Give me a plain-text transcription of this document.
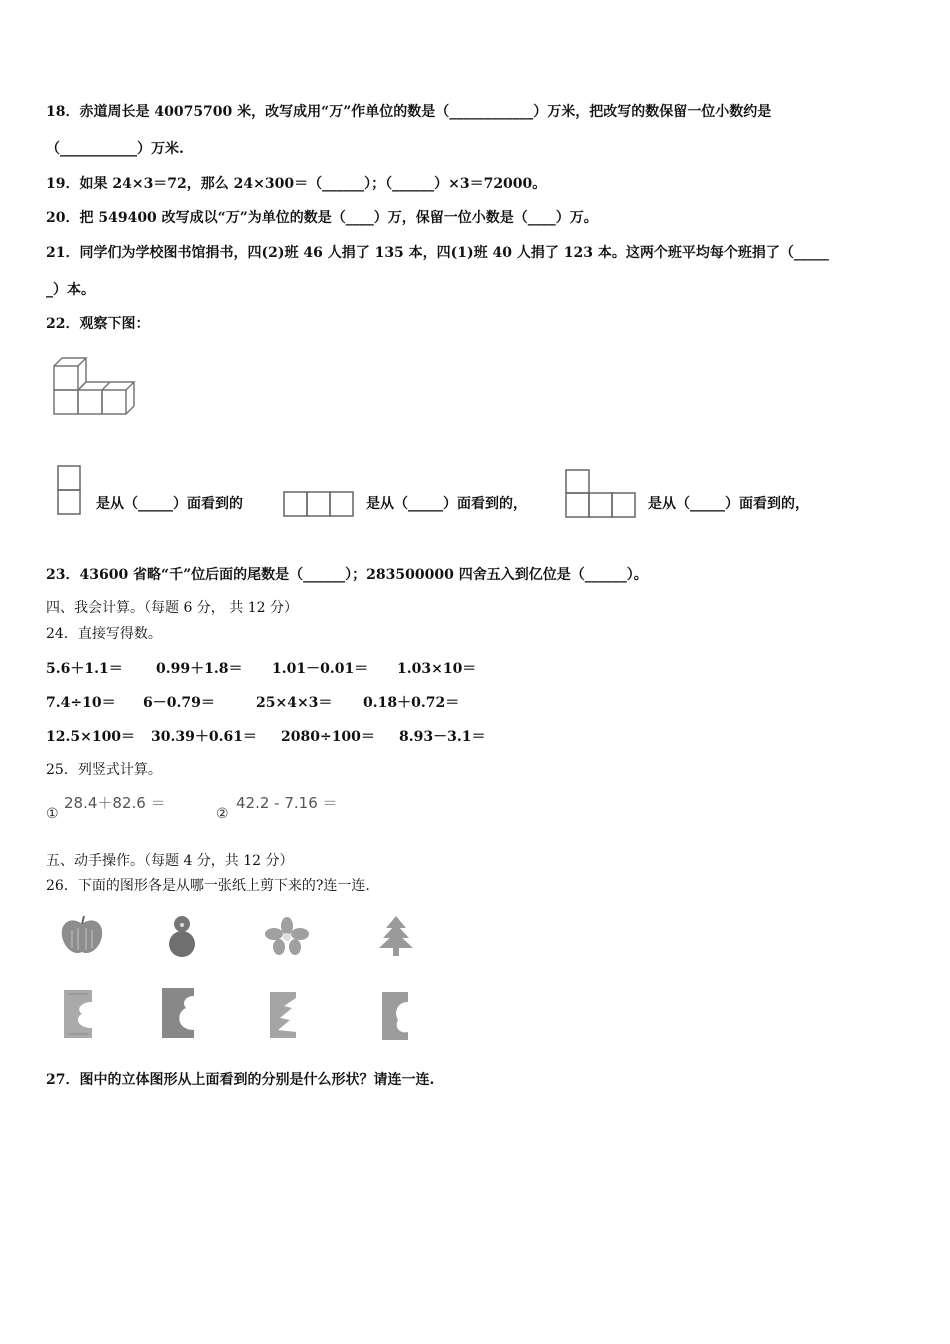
18．赤道周长是 40075700 米，改写成用“万”作单位的数是（____________）万米，把改写的数保留一位小数约是
（___________）万米.
19．如果 24×3＝72，那么 24×300＝（______）；（______）×3＝72000。
20．把 549400 改写成以“万”为单位的数是（____）万，保留一位小数是（____）万。
21．同学们为学校图书馆捐书，四(2)班 46 人捐了 135 本，四(1)班 40 人捐了 123 本。这两个班平均每个班捐了（_____
_）本。
22．观察下图：
是从（_____）面看到的	是从（_____）面看到的，	是从（_____）面看到的，
23．43600 省略“千”位后面的尾数是（______）；283500000 四舍五入到亿位是（______）。
四、我会计算。（每题 6 分， 共 12 分）
24．直接写得数。
5.6＋1.1＝ 0.99＋1.8＝ 1.01－0.01＝ 1.03×10＝
7.4÷10＝ 6－0.79＝	25×4×3＝ 0.18＋0.72＝
12.5×100＝ 30.39＋0.61＝ 2080÷100＝ 8.93－3.1＝
25．列竖式计算。
①
28.4＋82.6 ＝
②
42.2 - 7.16 ＝
五、动手操作。（每题 4 分，共 12 分）
26．下面的图形各是从哪一张纸上剪下来的?连一连.
27．图中的立体图形从上面看到的分别是什么形状？请连一连.
